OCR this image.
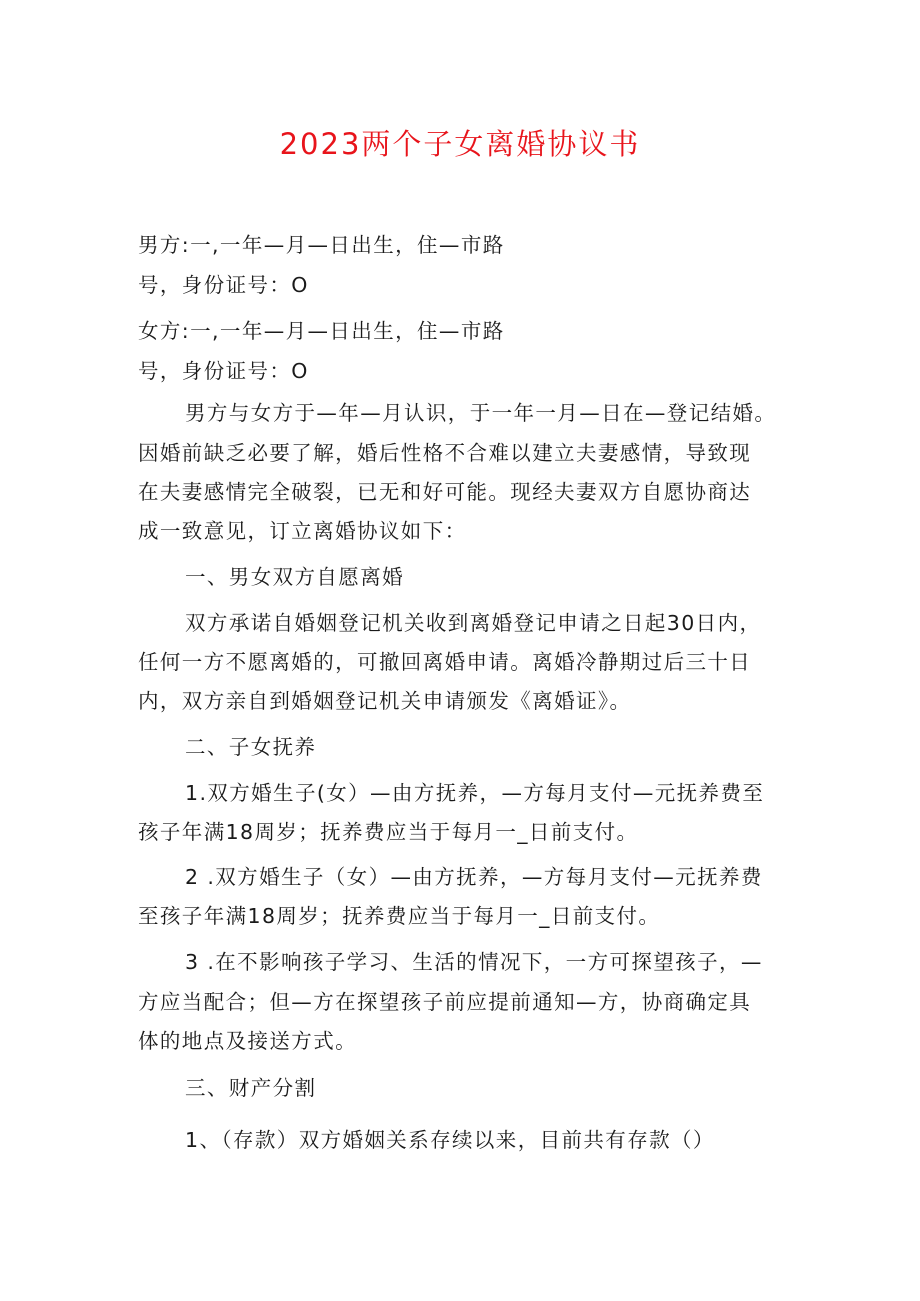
2023两个子女离婚协议书
男方:一,一年—月—日出生，住—市路
号，身份证号：O
女方:一,一年—月—日出生，住—市路
号，身份证号：O
男方与女方于—年—月认识，于一年一月—日在—登记结婚。
因婚前缺乏必要了解，婚后性格不合难以建立夫妻感情，导致现
在夫妻感情完全破裂，已无和好可能。现经夫妻双方自愿协商达
成一致意见，订立离婚协议如下：
一、男女双方自愿离婚
双方承诺自婚姻登记机关收到离婚登记申请之日起30日内，
任何一方不愿离婚的，可撤回离婚申请。离婚冷静期过后三十日
内，双方亲自到婚姻登记机关申请颁发《离婚证》。
二、子女抚养
1.双方婚生子(女）—由方抚养，—方每月支付—元抚养费至
孩子年满18周岁；抚养费应当于每月一_日前支付。
2 .双方婚生子（女）—由方抚养，—方每月支付—元抚养费
至孩子年满18周岁；抚养费应当于每月一_日前支付。
3 .在不影响孩子学习、生活的情况下，一方可探望孩子，—
方应当配合；但—方在探望孩子前应提前通知—方，协商确定具
体的地点及接送方式。
三、财产分割
1、（存款）双方婚姻关系存续以来，目前共有存款（）
